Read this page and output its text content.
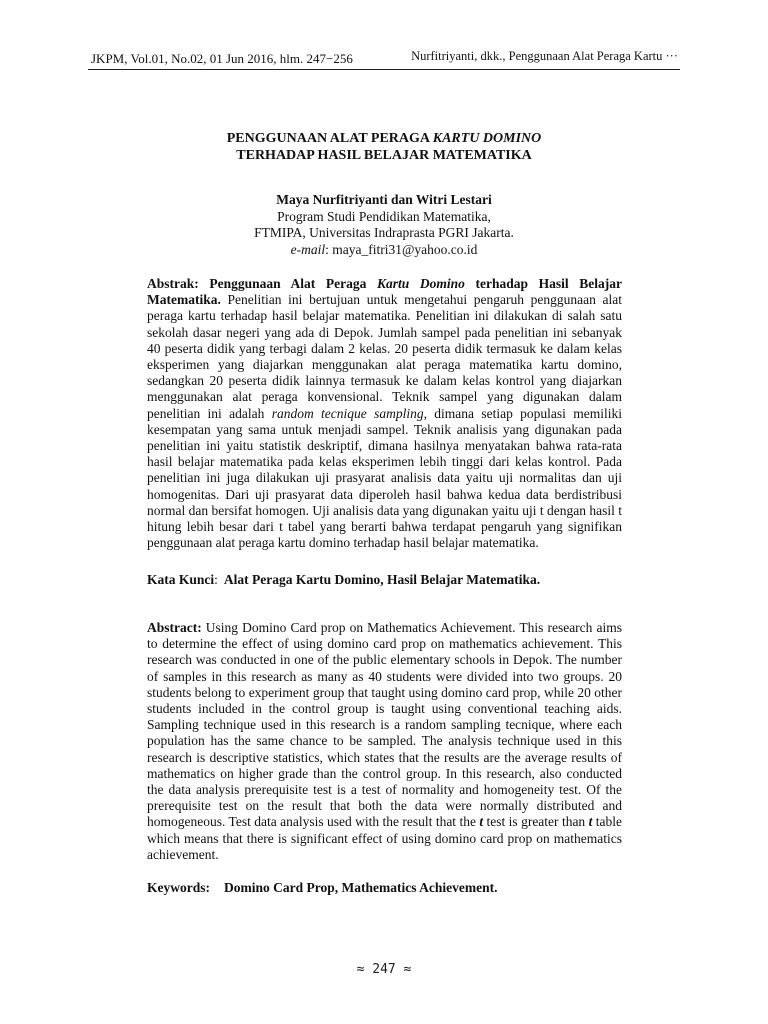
JKPM, Vol.01, No.02, 01 Jun 2016, hlm. 247−256	Nurfitriyanti, dkk., Penggunaan Alat Peraga Kartu ···
PENGGUNAAN ALAT PERAGA KARTU DOMINO
TERHADAP HASIL BELAJAR MATEMATIKA
Maya Nurfitriyanti dan Witri Lestari
Program Studi Pendidikan Matematika,
FTMIPA, Universitas Indraprasta PGRI Jakarta.
e-mail: maya_fitri31@yahoo.co.id
Abstrak: Penggunaan Alat Peraga Kartu Domino terhadap Hasil Belajar Matematika. Penelitian ini bertujuan untuk mengetahui pengaruh penggunaan alat peraga kartu terhadap hasil belajar matematika. Penelitian ini dilakukan di salah satu sekolah dasar negeri yang ada di Depok. Jumlah sampel pada penelitian ini sebanyak 40 peserta didik yang terbagi dalam 2 kelas. 20 peserta didik termasuk ke dalam kelas eksperimen yang diajarkan menggunakan alat peraga matematika kartu domino, sedangkan 20 peserta didik lainnya termasuk ke dalam kelas kontrol yang diajarkan menggunakan alat peraga konvensional. Teknik sampel yang digunakan dalam penelitian ini adalah random tecnique sampling, dimana setiap populasi memiliki kesempatan yang sama untuk menjadi sampel. Teknik analisis yang digunakan pada penelitian ini yaitu statistik deskriptif, dimana hasilnya menyatakan bahwa rata-rata hasil belajar matematika pada kelas eksperimen lebih tinggi dari kelas kontrol. Pada penelitian ini juga dilakukan uji prasyarat analisis data yaitu uji normalitas dan uji homogenitas. Dari uji prasyarat data diperoleh hasil bahwa kedua data berdistribusi normal dan bersifat homogen. Uji analisis data yang digunakan yaitu uji t dengan hasil t hitung lebih besar dari t tabel yang berarti bahwa terdapat pengaruh yang signifikan penggunaan alat peraga kartu domino terhadap hasil belajar matematika.
Kata Kunci: Alat Peraga Kartu Domino, Hasil Belajar Matematika.
Abstract: Using Domino Card prop on Mathematics Achievement. This research aims to determine the effect of using domino card prop on mathematics achievement. This research was conducted in one of the public elementary schools in Depok. The number of samples in this research as many as 40 students were divided into two groups. 20 students belong to experiment group that taught using domino card prop, while 20 other students included in the control group is taught using conventional teaching aids. Sampling technique used in this research is a random sampling tecnique, where each population has the same chance to be sampled. The analysis technique used in this research is descriptive statistics, which states that the results are the average results of mathematics on higher grade than the control group. In this research, also conducted the data analysis prerequisite test is a test of normality and homogeneity test. Of the prerequisite test on the result that both the data were normally distributed and homogeneous. Test data analysis used with the result that the t test is greater than t table which means that there is significant effect of using domino card prop on mathematics achievement.
Keywords: Domino Card Prop, Mathematics Achievement.
≈ 247 ≈
